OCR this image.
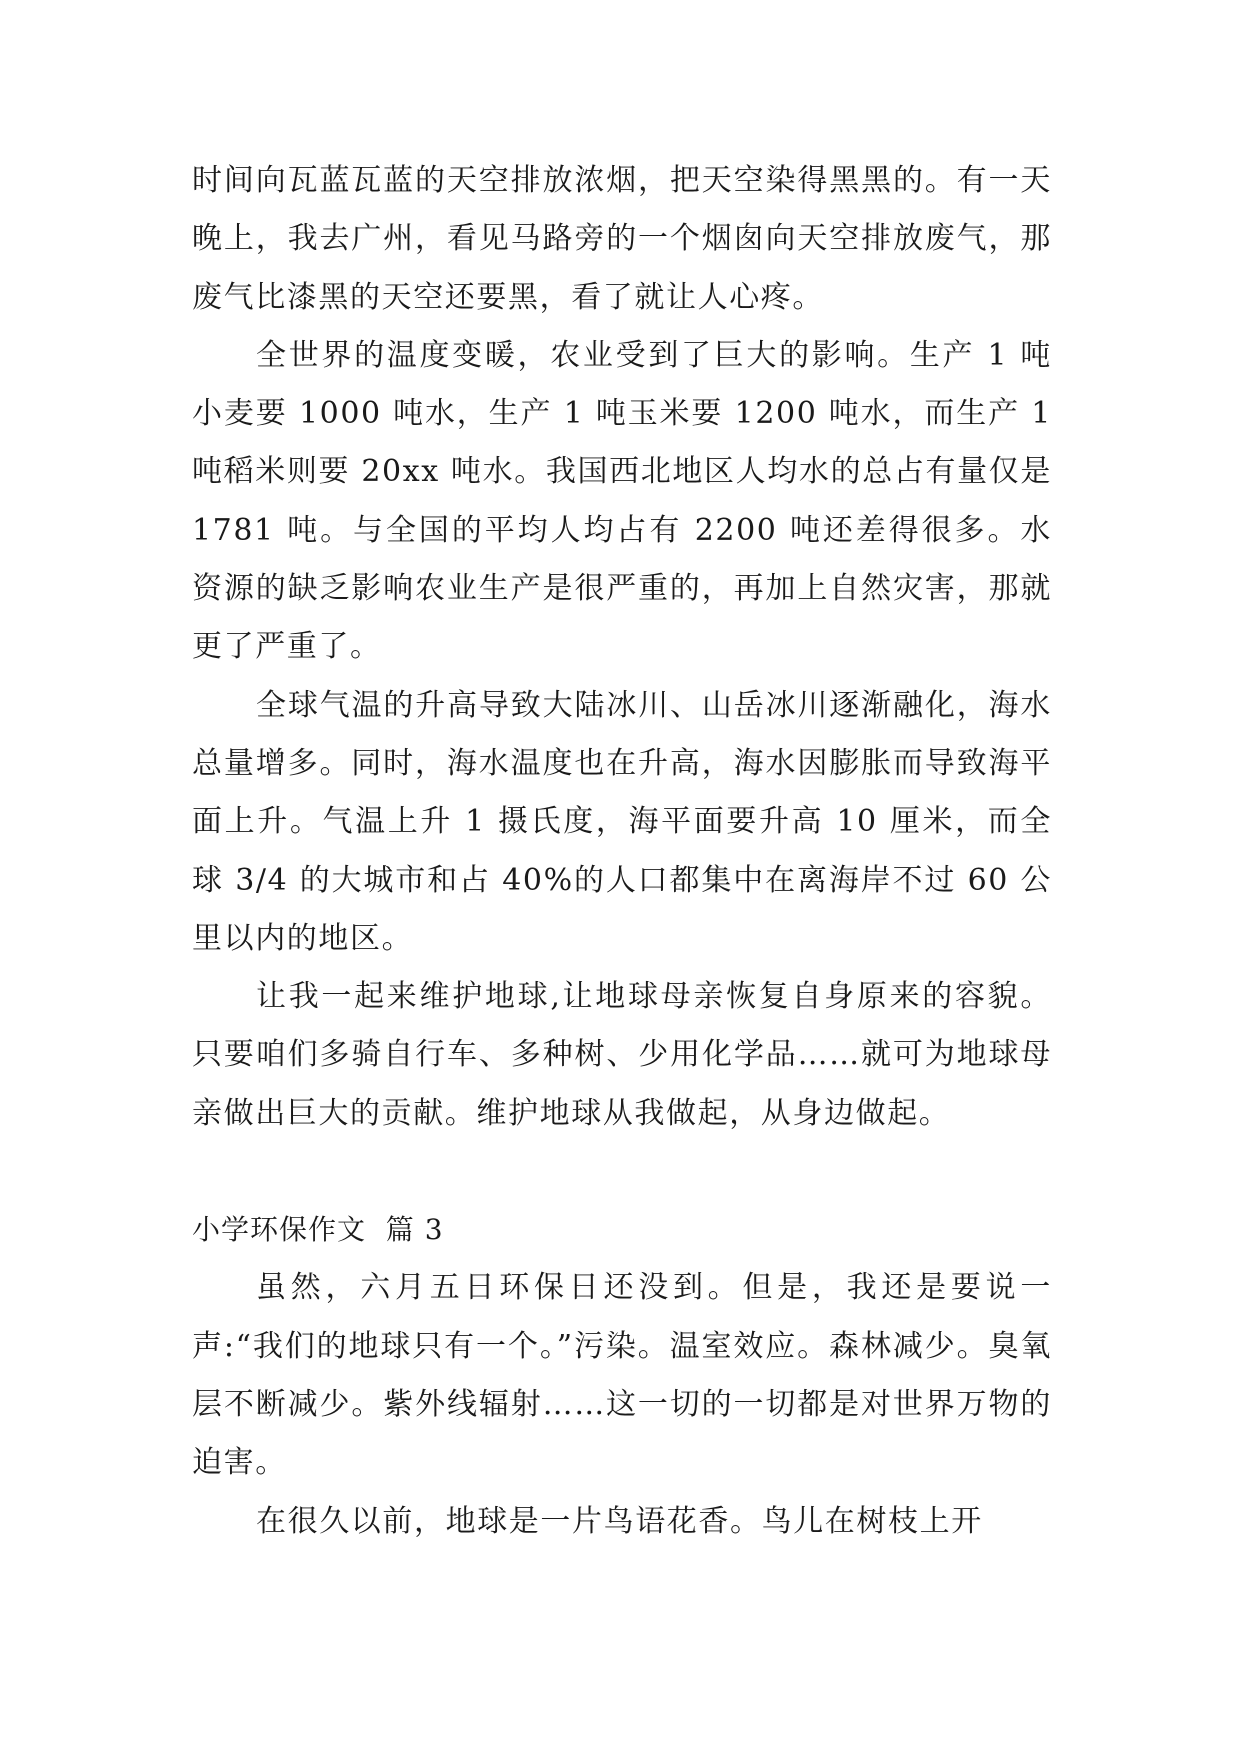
时间向瓦蓝瓦蓝的天空排放浓烟，把天空染得黑黑的。有一天晚上，我去广州，看见马路旁的一个烟囱向天空排放废气，那废气比漆黑的天空还要黑，看了就让人心疼。

全世界的温度变暖，农业受到了巨大的影响。生产 1 吨小麦要 1000 吨水，生产 1 吨玉米要 1200 吨水，而生产 1 吨稻米则要 20xx 吨水。我国西北地区人均水的总占有量仅是 1781 吨。与全国的平均人均占有 2200 吨还差得很多。水资源的缺乏影响农业生产是很严重的，再加上自然灾害，那就更了严重了。

全球气温的升高导致大陆冰川、山岳冰川逐渐融化，海水总量增多。同时，海水温度也在升高，海水因膨胀而导致海平面上升。气温上升 1 摄氏度，海平面要升高 10 厘米，而全球 3/4 的大城市和占 40%的人口都集中在离海岸不过 60 公里以内的地区。

让我一起来维护地球,让地球母亲恢复自身原来的容貌。只要咱们多骑自行车、多种树、少用化学品……就可为地球母亲做出巨大的贡献。维护地球从我做起，从身边做起。

小学环保作文  篇 3

虽然，六月五日环保日还没到。但是，我还是要说一声:“我们的地球只有一个。”污染。温室效应。森林减少。臭氧层不断减少。紫外线辐射……这一切的一切都是对世界万物的迫害。

在很久以前，地球是一片鸟语花香。鸟儿在树枝上开
